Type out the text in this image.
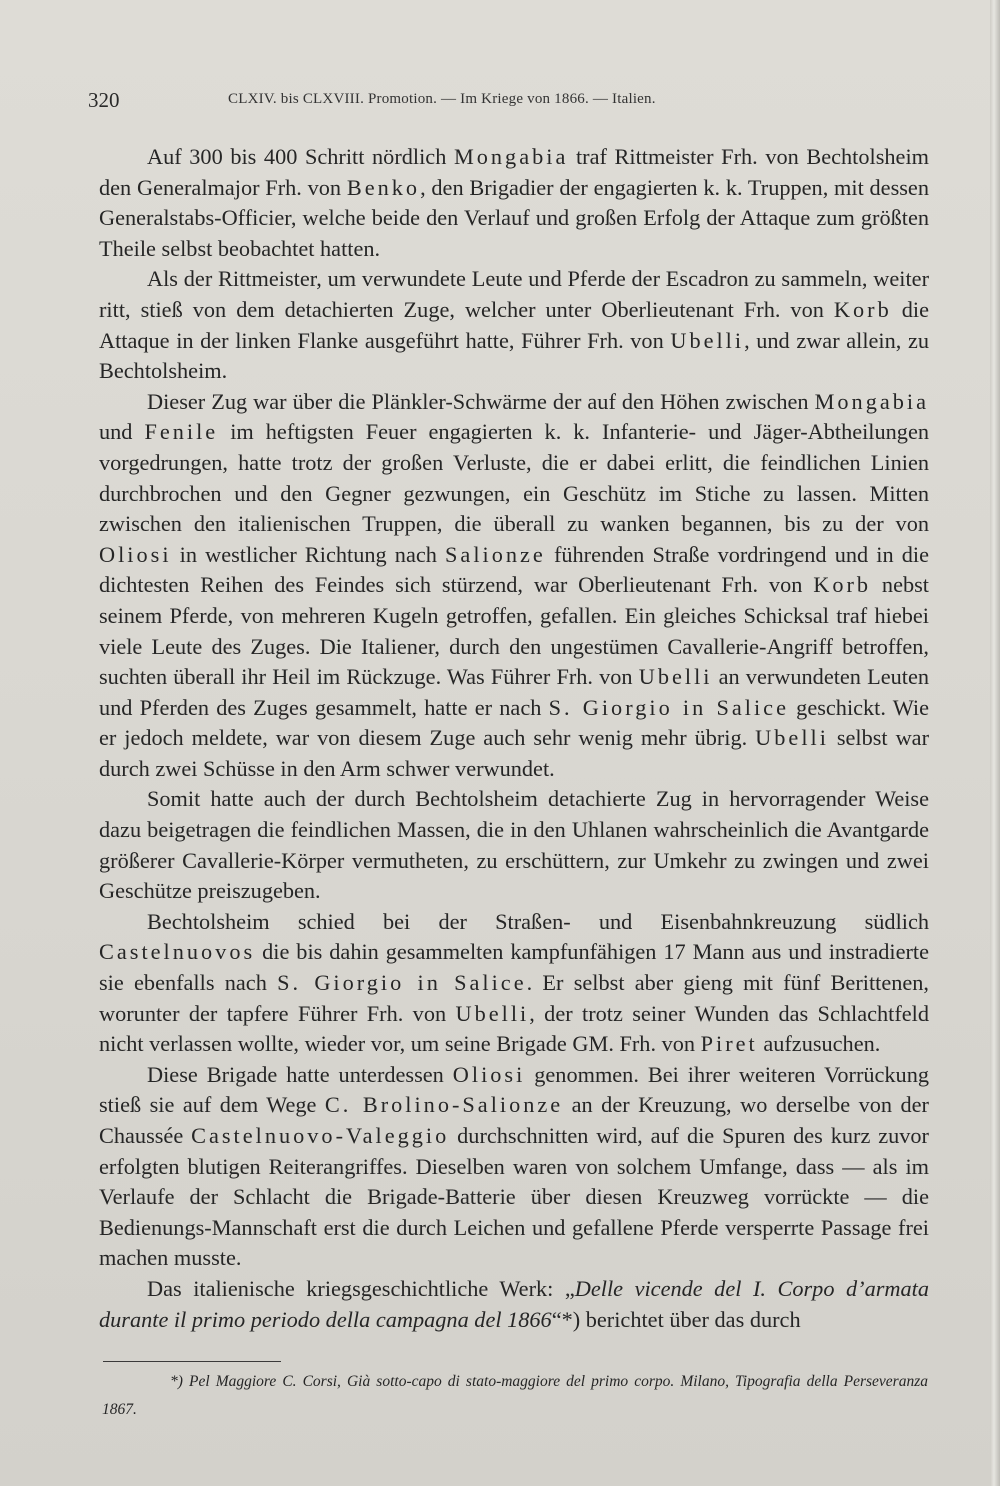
320	CLXIV. bis CLXVIII. Promotion. — Im Kriege von 1866. — Italien.

Auf 300 bis 400 Schritt nördlich Mongabia traf Rittmeister Frh. von Bechtolsheim den Generalmajor Frh. von Benko, den Brigadier der engagierten k. k. Truppen, mit dessen Generalstabs-Officier, welche beide den Verlauf und großen Erfolg der Attaque zum größten Theile selbst beobachtet hatten.

Als der Rittmeister, um verwundete Leute und Pferde der Escadron zu sammeln, weiter ritt, stieß von dem detachierten Zuge, welcher unter Oberlieutenant Frh. von Korb die Attaque in der linken Flanke ausgeführt hatte, Führer Frh. von Ubelli, und zwar allein, zu Bechtolsheim.

Dieser Zug war über die Plänkler-Schwärme der auf den Höhen zwischen Mongabia und Fenile im heftigsten Feuer engagierten k. k. Infanterie- und Jäger-Abtheilungen vorgedrungen, hatte trotz der großen Verluste, die er dabei erlitt, die feindlichen Linien durchbrochen und den Gegner gezwungen, ein Geschütz im Stiche zu lassen. Mitten zwischen den italienischen Truppen, die überall zu wanken begannen, bis zu der von Oliosi in westlicher Richtung nach Salionze führenden Straße vordringend und in die dichtesten Reihen des Feindes sich stürzend, war Oberlieutenant Frh. von Korb nebst seinem Pferde, von mehreren Kugeln getroffen, gefallen. Ein gleiches Schicksal traf hiebei viele Leute des Zuges. Die Italiener, durch den ungestümen Cavallerie-Angriff betroffen, suchten überall ihr Heil im Rückzuge. Was Führer Frh. von Ubelli an verwundeten Leuten und Pferden des Zuges gesammelt, hatte er nach S. Giorgio in Salice geschickt. Wie er jedoch meldete, war von diesem Zuge auch sehr wenig mehr übrig. Ubelli selbst war durch zwei Schüsse in den Arm schwer verwundet.

Somit hatte auch der durch Bechtolsheim detachierte Zug in hervorragender Weise dazu beigetragen die feindlichen Massen, die in den Uhlanen wahrscheinlich die Avantgarde größerer Cavallerie-Körper vermutheten, zu erschüttern, zur Umkehr zu zwingen und zwei Geschütze preiszugeben.

Bechtolsheim schied bei der Straßen- und Eisenbahnkreuzung südlich Castelnuovos die bis dahin gesammelten kampfunfähigen 17 Mann aus und instradierte sie ebenfalls nach S. Giorgio in Salice. Er selbst aber gieng mit fünf Berittenen, worunter der tapfere Führer Frh. von Ubelli, der trotz seiner Wunden das Schlachtfeld nicht verlassen wollte, wieder vor, um seine Brigade GM. Frh. von Piret aufzusuchen.

Diese Brigade hatte unterdessen Oliosi genommen. Bei ihrer weiteren Vorrückung stieß sie auf dem Wege C. Brolino-Salionze an der Kreuzung, wo derselbe von der Chaussée Castelnuovo-Valeggio durchschnitten wird, auf die Spuren des kurz zuvor erfolgten blutigen Reiterangriffes. Dieselben waren von solchem Umfange, dass — als im Verlaufe der Schlacht die Brigade-Batterie über diesen Kreuzweg vorrückte — die Bedienungs-Mannschaft erst die durch Leichen und gefallene Pferde versperrte Passage frei machen musste.

Das italienische kriegsgeschichtliche Werk: „Delle vicende del I. Corpo d’armata durante il primo periodo della campagna del 1866“*) berichtet über das durch

*) Pel Maggiore C. Corsi, Già sotto-capo di stato-maggiore del primo corpo. Milano, Tipografia della Perseveranza 1867.
